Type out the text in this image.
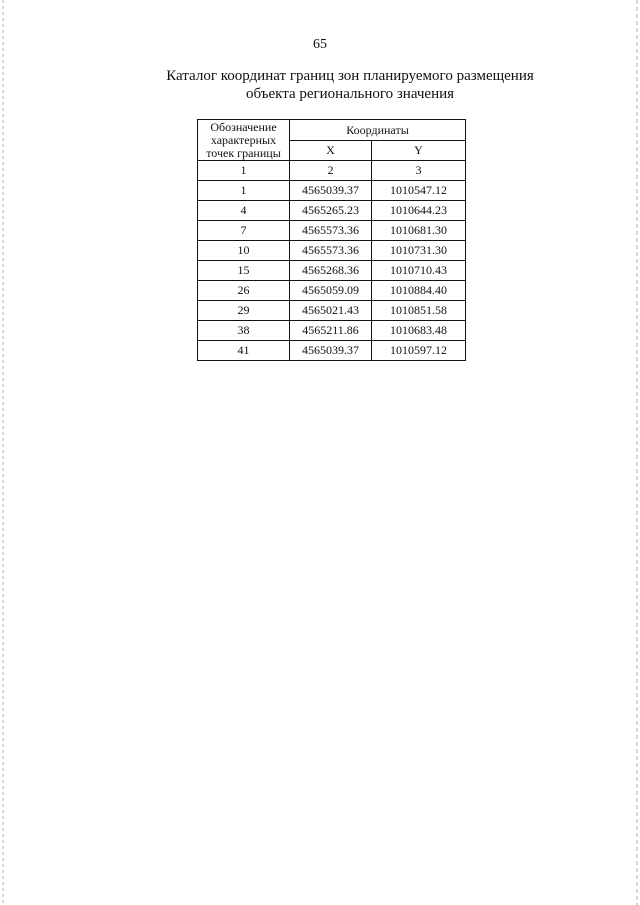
65
Каталог координат границ зон планируемого размещения
объекта регионального значения
Обозначение
характерных
точек границы	Координаты	
	X	Y
1	2	3
1	4565039.37	1010547.12
4	4565265.23	1010644.23
7	4565573.36	1010681.30
10	4565573.36	1010731.30
15	4565268.36	1010710.43
26	4565059.09	1010884.40
29	4565021.43	1010851.58
38	4565211.86	1010683.48
41	4565039.37	1010597.12
